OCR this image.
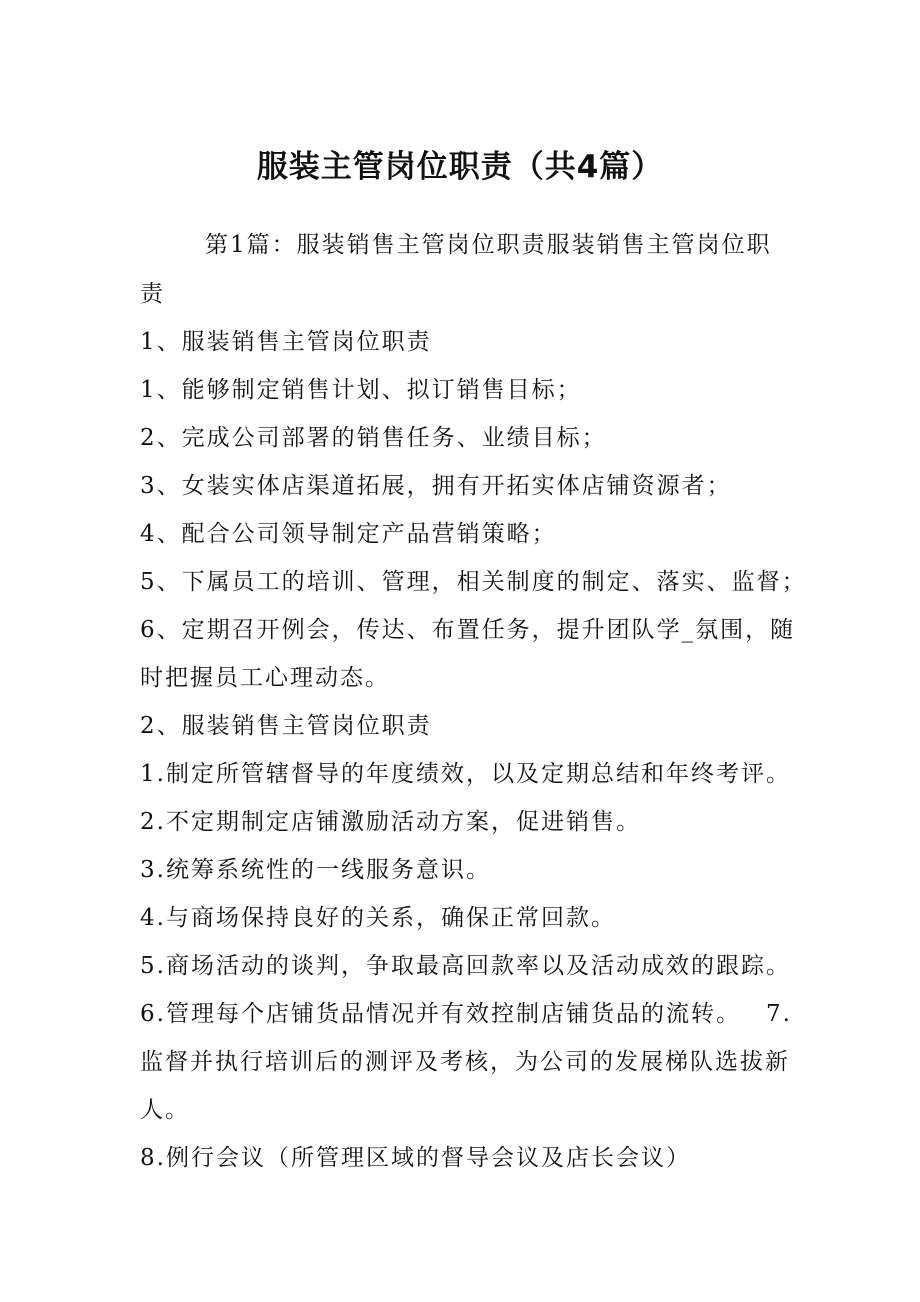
服装主管岗位职责（共4篇）
第1篇：服装销售主管岗位职责服装销售主管岗位职
责
1、服装销售主管岗位职责
1、能够制定销售计划、拟订销售目标；
2、完成公司部署的销售任务、业绩目标；
3、女装实体店渠道拓展，拥有开拓实体店铺资源者；
4、配合公司领导制定产品营销策略；
5、下属员工的培训、管理，相关制度的制定、落实、监督；
6、定期召开例会，传达、布置任务，提升团队学_氛围，随
时把握员工心理动态。
2、服装销售主管岗位职责
1.制定所管辖督导的年度绩效，以及定期总结和年终考评。
2.不定期制定店铺激励活动方案，促进销售。
3.统筹系统性的一线服务意识。
4.与商场保持良好的关系，确保正常回款。
5.商场活动的谈判，争取最高回款率以及活动成效的跟踪。
6.管理每个店铺货品情况并有效控制店铺货品的流转。 7.
监督并执行培训后的测评及考核，为公司的发展梯队选拔新
人。
8.例行会议（所管理区域的督导会议及店长会议）
